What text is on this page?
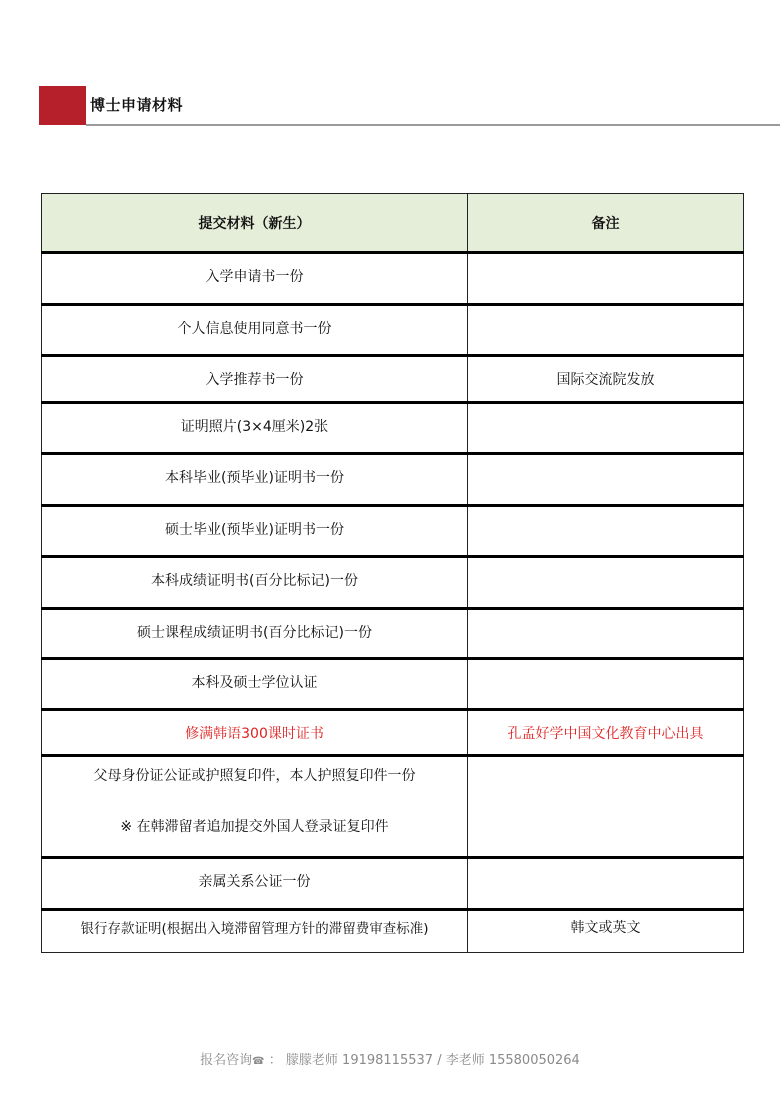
博士申请材料
提交材料（新生）	备注
入学申请书一份	
个人信息使用同意书一份	
入学推荐书一份	国际交流院发放
证明照片(3×4厘米)2张	
本科毕业(预毕业)证明书一份	
硕士毕业(预毕业)证明书一份	
本科成绩证明书(百分比标记)一份	
硕士课程成绩证明书(百分比标记)一份	
本科及硕士学位认证	
修满韩语300课时证书	孔孟好学中国文化教育中心出具

父母身份证公证或护照复印件，本人护照复印件一份
※ 在韩滞留者追加提交外国人登录证复印件	

亲属关系公证一份	
银行存款证明(根据出入境滞留管理方针的滞留费审查标准)	韩文或英文
报名咨询☎ ： 朦朦老师 19198115537 / 李老师 15580050264
